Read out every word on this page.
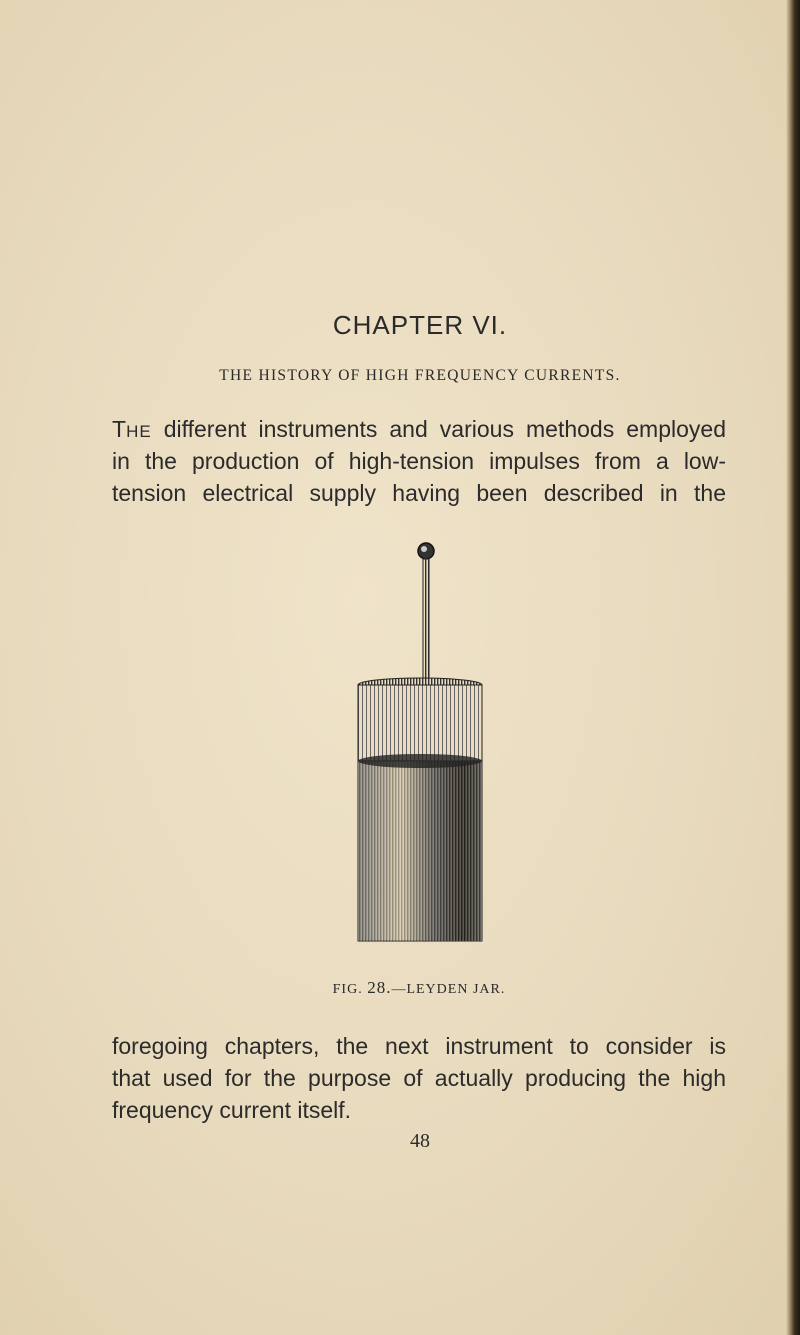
CHAPTER VI.
THE HISTORY OF HIGH FREQUENCY CURRENTS.
THE different instruments and various methods employed
in the production of high-tension impulses from a low-
tension electrical supply having been described in the
FIG. 28.—LEYDEN JAR.
foregoing chapters, the next instrument to consider is
that used for the purpose of actually producing the high
frequency current itself.
48
